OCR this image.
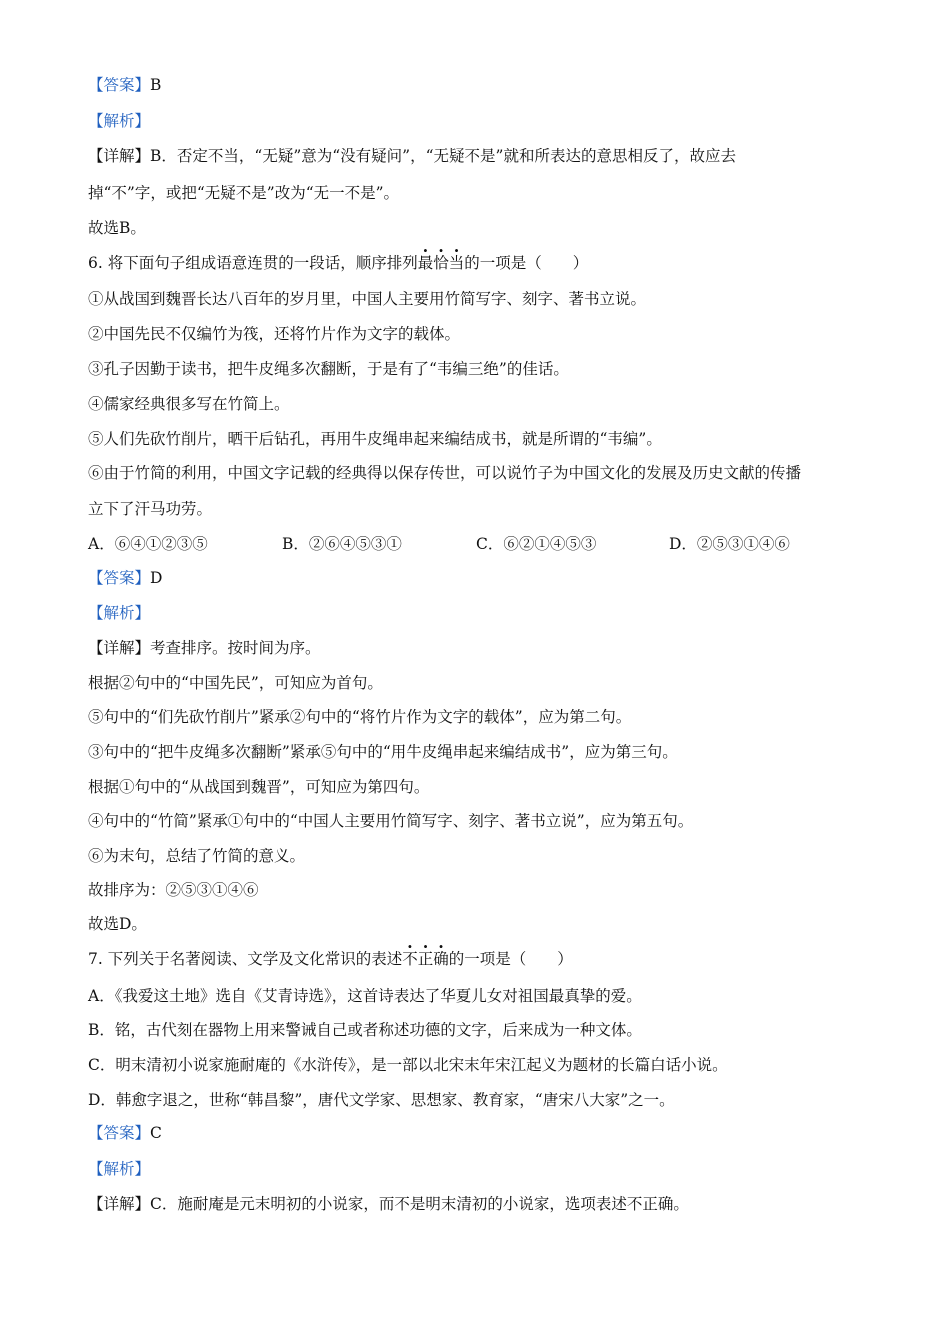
【答案】B
【解析】
【详解】B．否定不当，“无疑”意为“没有疑问”，“无疑不是”就和所表达的意思相反了，故应去
掉“不”字，或把“无疑不是”改为“无一不是”。
故选B。
6. 将下面句子组成语意连贯的一段话，顺序排列最恰当的一项是（　　）
①从战国到魏晋长达八百年的岁月里，中国人主要用竹简写字、刻字、著书立说。
②中国先民不仅编竹为筏，还将竹片作为文字的载体。
③孔子因勤于读书，把牛皮绳多次翻断，于是有了“韦编三绝”的佳话。
④儒家经典很多写在竹简上。
⑤人们先砍竹削片，晒干后钻孔，再用牛皮绳串起来编结成书，就是所谓的“韦编”。
⑥由于竹简的利用，中国文字记载的经典得以保存传世，可以说竹子为中国文化的发展及历史文献的传播
立下了汗马功劳。
A．⑥④①②③⑤	B．②⑥④⑤③①	C．⑥②①④⑤③	D．②⑤③①④⑥
【答案】D
【解析】
【详解】考查排序。按时间为序。
根据②句中的“中国先民”，可知应为首句。
⑤句中的“们先砍竹削片”紧承②句中的“将竹片作为文字的载体”，应为第二句。
③句中的“把牛皮绳多次翻断”紧承⑤句中的“用牛皮绳串起来编结成书”，应为第三句。
根据①句中的“从战国到魏晋”，可知应为第四句。
④句中的“竹简”紧承①句中的“中国人主要用竹简写字、刻字、著书立说”，应为第五句。
⑥为末句，总结了竹简的意义。
故排序为：②⑤③①④⑥
故选D。
7. 下列关于名著阅读、文学及文化常识的表述不正确的一项是（　　）
A．《我爱这土地》选自《艾青诗选》，这首诗表达了华夏儿女对祖国最真挚的爱。
B．铭，古代刻在器物上用来警诫自己或者称述功德的文字，后来成为一种文体。
C．明末清初小说家施耐庵的《水浒传》，是一部以北宋末年宋江起义为题材的长篇白话小说。
D．韩愈字退之，世称“韩昌黎”，唐代文学家、思想家、教育家，“唐宋八大家”之一。
【答案】C
【解析】
【详解】C．施耐庵是元末明初的小说家，而不是明末清初的小说家，选项表述不正确。
